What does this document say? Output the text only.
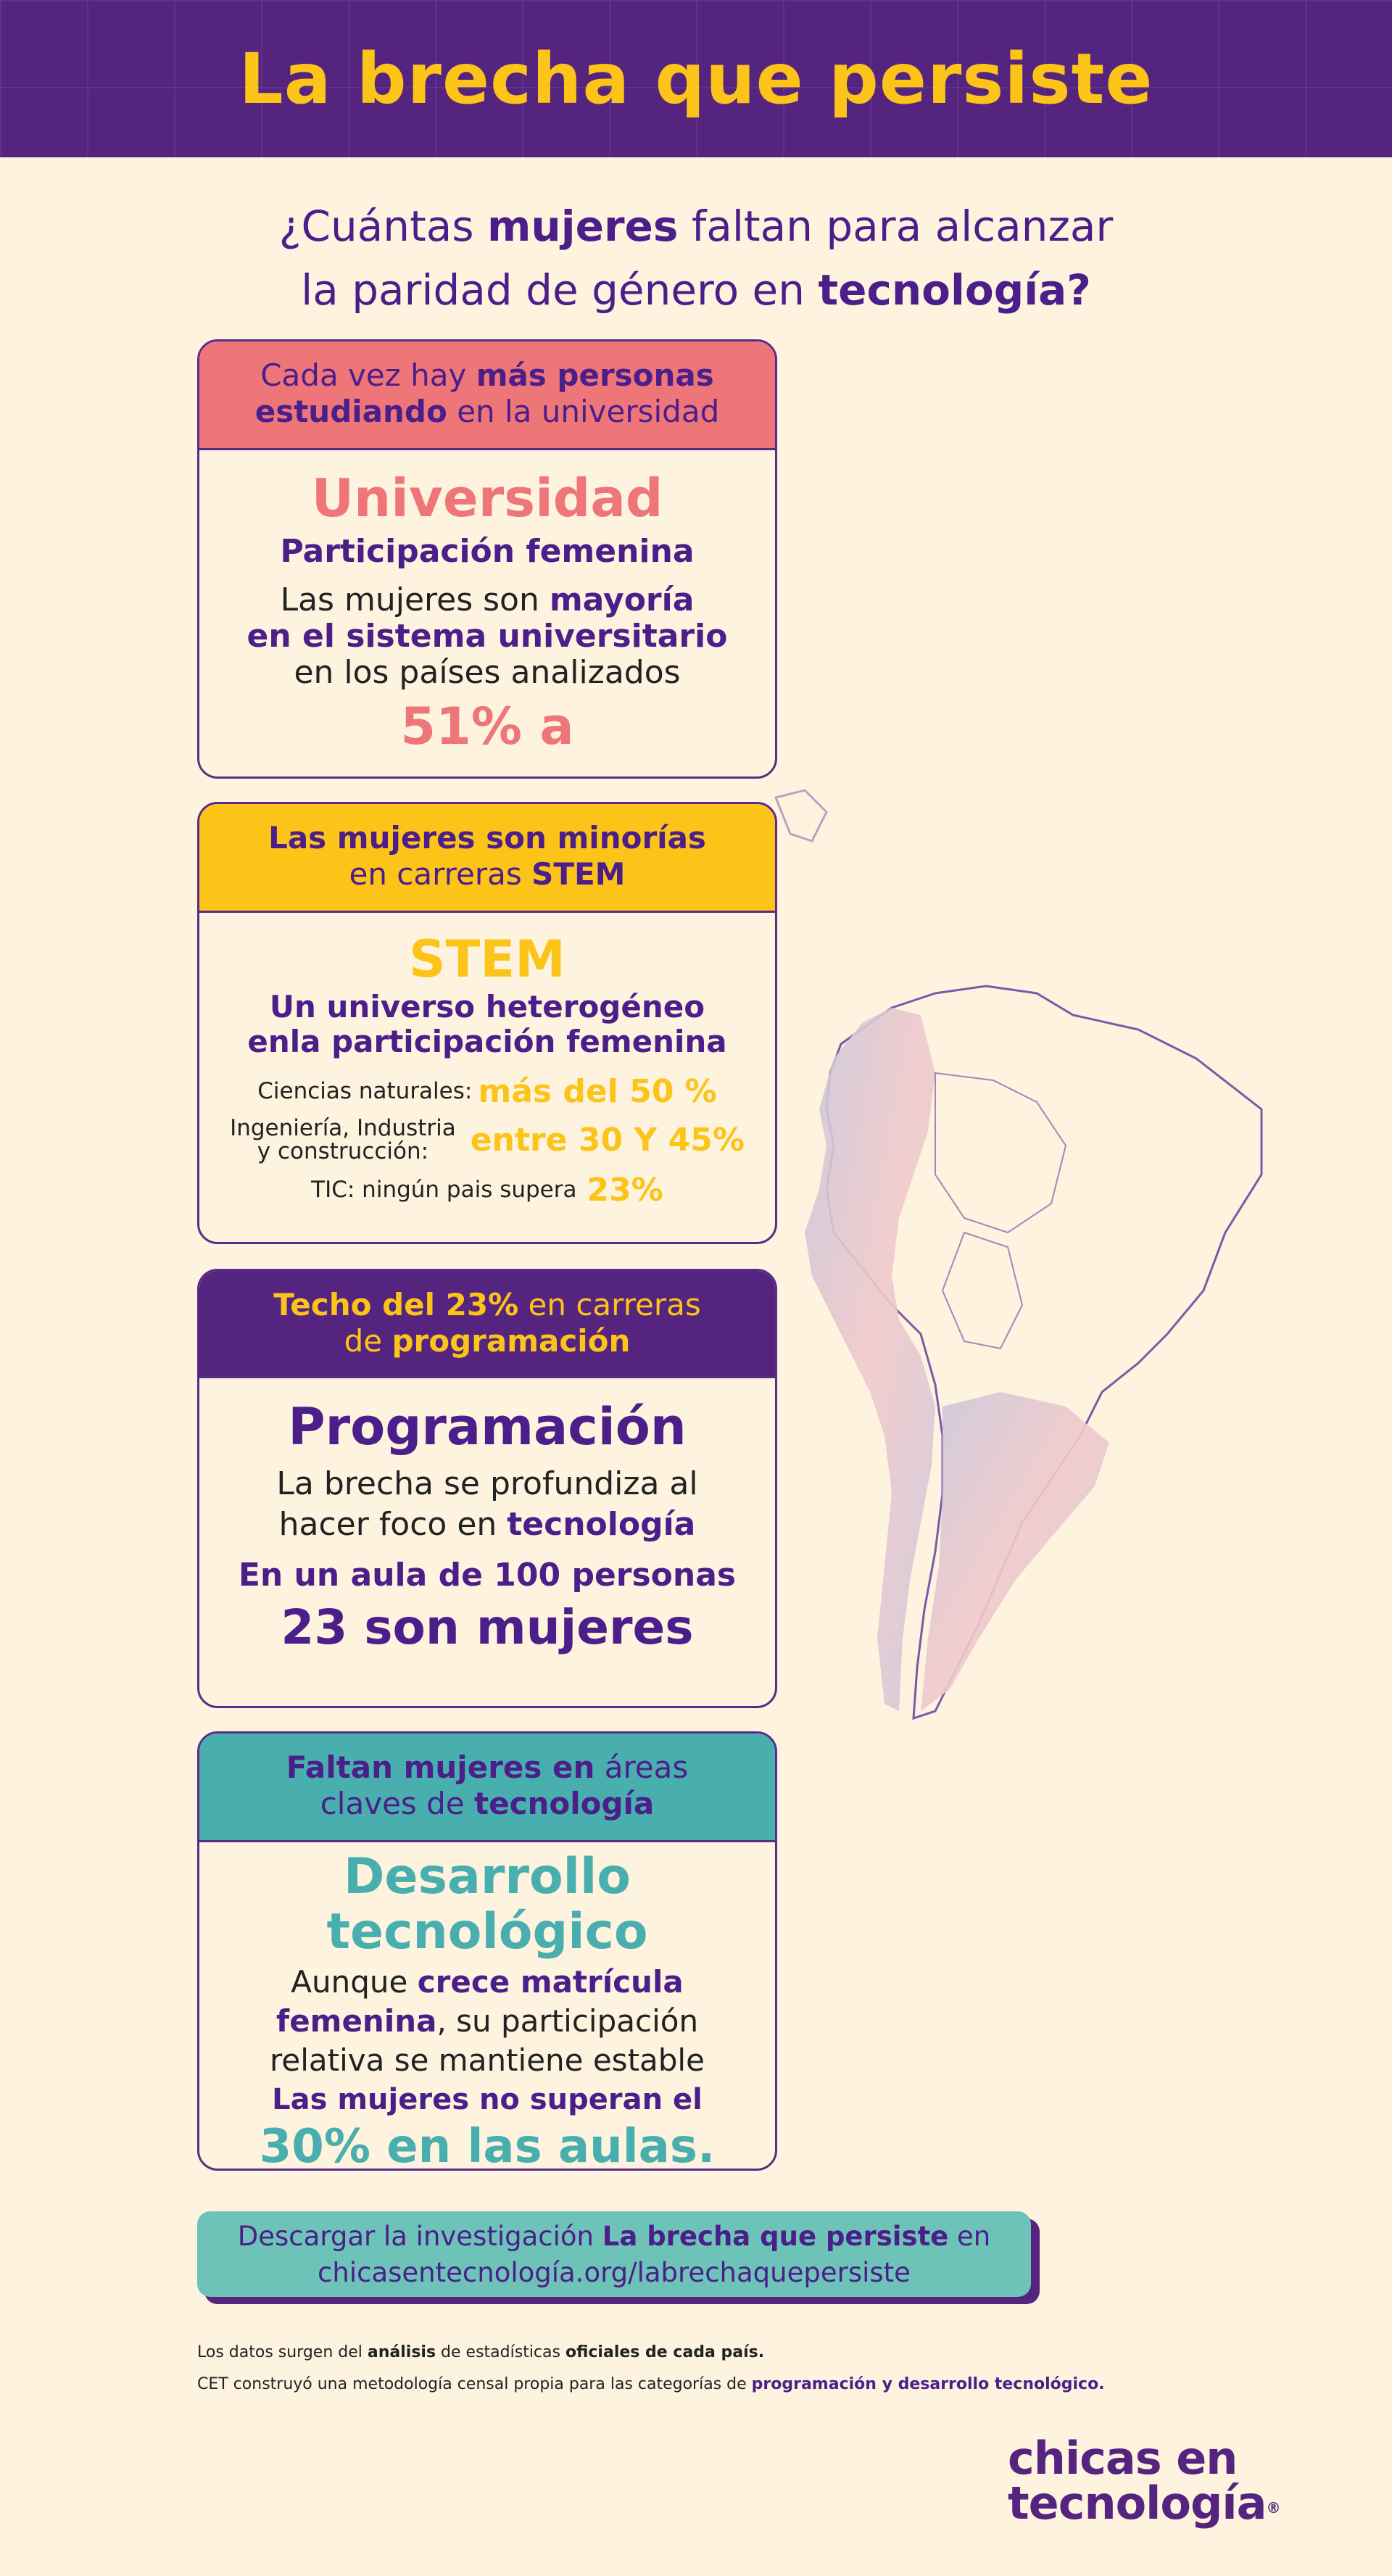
La brecha que persiste
¿Cuántas mujeres faltan para alcanzar
la paridad de género en tecnología?
Cada vez hay más personas
estudiando en la universidad
Universidad
Participación femenina
Las mujeres son mayoría
en el sistema universitario
en los países analizados
51% a
Las mujeres son minorías
en carreras STEM
STEM
Un universo heterogéneo
enla participación femenina
Ciencias naturales: más del 50 %
Ingeniería, Industria
y construcción:	entre 30 Y 45%
TIC: ningún pais supera 23%
Techo del 23% en carreras
de programación
Programación
La brecha se profundiza al
hacer foco en tecnología
En un aula de 100 personas
23 son mujeres
Faltan mujeres en áreas
claves de tecnología
Desarrollo
tecnológico
Aunque crece matrícula
femenina, su participación
relativa se mantiene estable
Las mujeres no superan el
30% en las aulas.
Descargar la investigación La brecha que persiste en
chicasentecnología.org/labrechaquepersiste
Los datos surgen del análisis de estadísticas oficiales de cada país.
CET construyó una metodología censal propia para las categorías de programación y desarrollo tecnológico.
chicas en
tecnología®
